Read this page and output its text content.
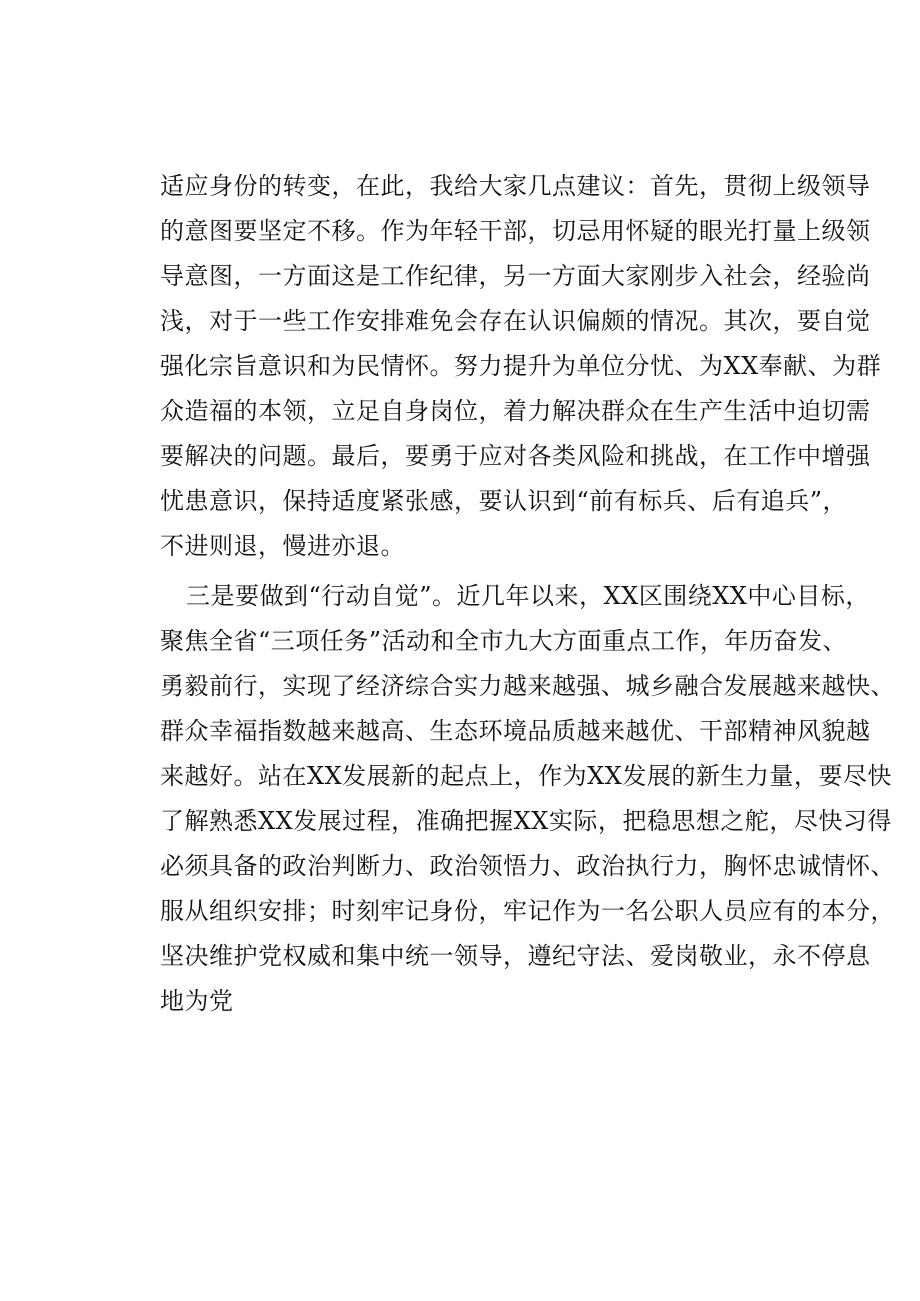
适应身份的转变，在此，我给大家几点建议：首先，贯彻上级领导
的意图要坚定不移。作为年轻干部，切忌用怀疑的眼光打量上级领
导意图，一方面这是工作纪律，另一方面大家刚步入社会，经验尚
浅，对于一些工作安排难免会存在认识偏颇的情况。其次，要自觉
强化宗旨意识和为民情怀。努力提升为单位分忧、为XX奉献、为群
众造福的本领，立足自身岗位，着力解决群众在生产生活中迫切需
要解决的问题。最后，要勇于应对各类风险和挑战，在工作中增强
忧患意识，保持适度紧张感，要认识到“前有标兵、后有追兵”，
不进则退，慢进亦退。
三是要做到“行动自觉”。近几年以来，XX区围绕XX中心目标，
聚焦全省“三项任务”活动和全市九大方面重点工作，年历奋发、
勇毅前行，实现了经济综合实力越来越强、城乡融合发展越来越快、
群众幸福指数越来越高、生态环境品质越来越优、干部精神风貌越
来越好。站在XX发展新的起点上，作为XX发展的新生力量，要尽快
了解熟悉XX发展过程，准确把握XX实际，把稳思想之舵，尽快习得
必须具备的政治判断力、政治领悟力、政治执行力，胸怀忠诚情怀、
服从组织安排；时刻牢记身份，牢记作为一名公职人员应有的本分，
坚决维护党权威和集中统一领导，遵纪守法、爱岗敬业，永不停息
地为党
